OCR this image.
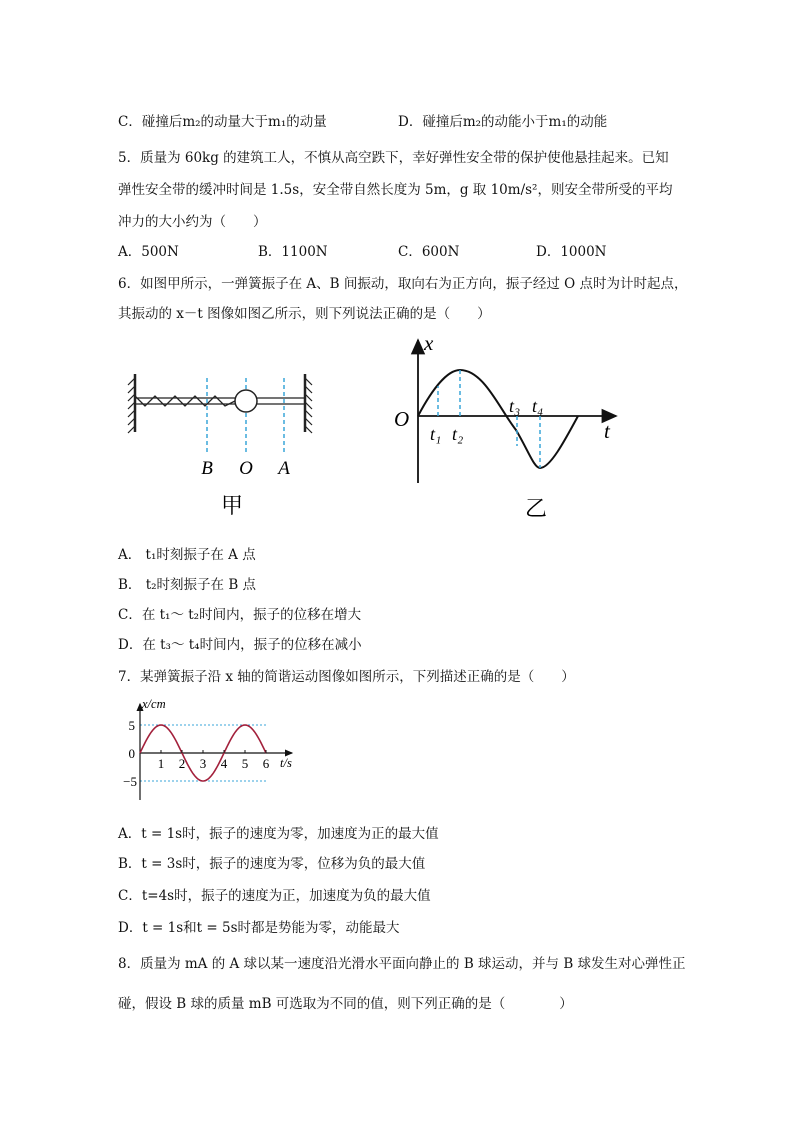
C．碰撞后m₂的动量大于m₁的动量	D．碰撞后m₂的动能小于m₁的动能
5．质量为 60kg 的建筑工人，不慎从高空跌下，幸好弹性安全带的保护使他悬挂起来。已知
弹性安全带的缓冲时间是 1.5s，安全带自然长度为 5m，g 取 10m/s²，则安全带所受的平均
冲力的大小约为（　　）
A．500N	B．1100N	C．600N	D．1000N
6．如图甲所示，一弹簧振子在 A、B 间振动，取向右为正方向，振子经过 O 点时为计时起点，
其振动的 x－t 图像如图乙所示，则下列说法正确的是（　　）
B O A
甲
x
t
O
t₁ t₂
t₃ t₄
乙
A． t₁时刻振子在 A 点
B． t₂时刻振子在 B 点
C．在 t₁～ t₂时间内，振子的位移在增大
D．在 t₃～ t₄时间内，振子的位移在减小
7．某弹簧振子沿 x 轴的简谐运动图像如图所示，下列描述正确的是（　　）
x/cm
t/s
5
0
−5
1 2 3 4 5 6
A．t = 1s时，振子的速度为零，加速度为正的最大值
B．t = 3s时，振子的速度为零，位移为负的最大值
C．t=4s时，振子的速度为正，加速度为负的最大值
D．t = 1s和t = 5s时都是势能为零，动能最大
8．质量为 mA 的 A 球以某一速度沿光滑水平面向静止的 B 球运动，并与 B 球发生对心弹性正
碰，假设 B 球的质量 mB 可选取为不同的值，则下列正确的是（　　　　）
